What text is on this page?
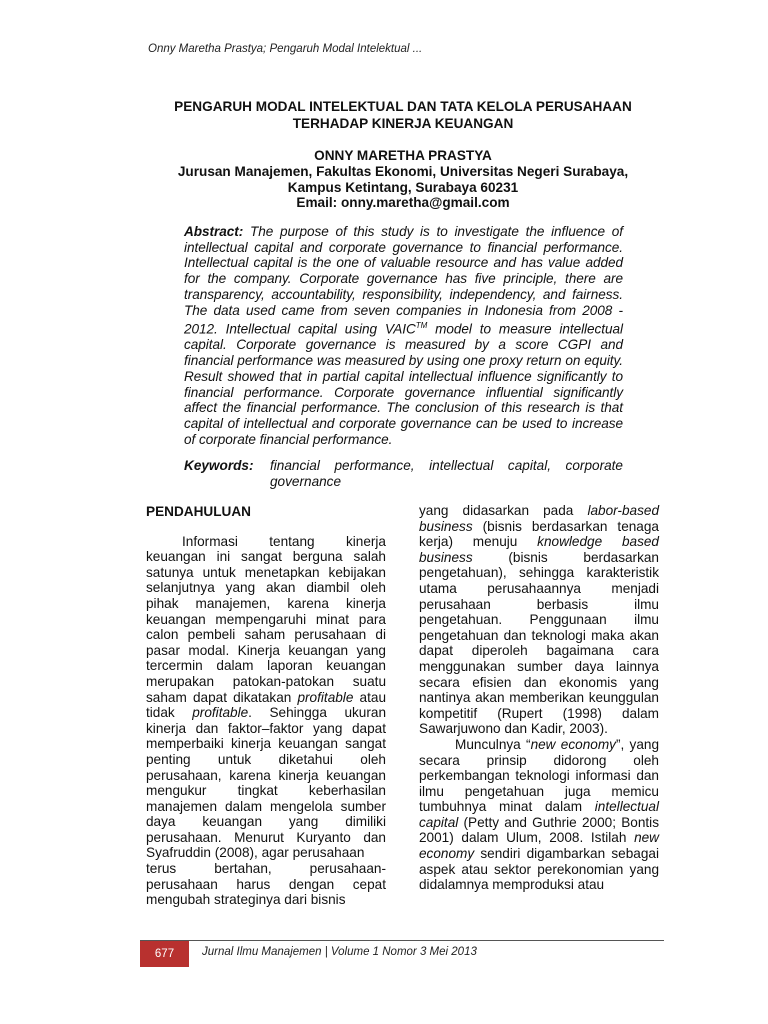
Onny Maretha Prastya; Pengaruh Modal Intelektual ...
PENGARUH MODAL INTELEKTUAL DAN TATA KELOLA PERUSAHAAN
TERHADAP KINERJA KEUANGAN
ONNY MARETHA PRASTYA
Jurusan Manajemen, Fakultas Ekonomi, Universitas Negeri Surabaya,
Kampus Ketintang, Surabaya 60231
Email: onny.maretha@gmail.com
Abstract: The purpose of this study is to investigate the influence of intellectual capital and corporate governance to financial performance. Intellectual capital is the one of valuable resource and has value added for the company. Corporate governance has five principle, there are transparency, accountability, responsibility, independency, and fairness. The data used came from seven companies in Indonesia from 2008 - 2012. Intellectual capital using VAIC™ model to measure intellectual capital. Corporate governance is measured by a score CGPI and financial performance was measured by using one proxy return on equity. Result showed that in partial capital intellectual influence significantly to financial performance. Corporate governance influential significantly affect the financial performance. The conclusion of this research is that capital of intellectual and corporate governance can be used to increase of corporate financial performance.
Keywords:	financial performance, intellectual capital, corporate governance
PENDAHULUAN

Informasi tentang kinerja keuangan ini sangat berguna salah satunya untuk menetapkan kebijakan selanjutnya yang akan diambil oleh pihak manajemen, karena kinerja keuangan mempengaruhi minat para calon pembeli saham perusahaan di pasar modal. Kinerja keuangan yang tercermin dalam laporan keuangan merupakan patokan-patokan suatu saham dapat dikatakan profitable atau tidak profitable. Sehingga ukuran kinerja dan faktor–faktor yang dapat memperbaiki kinerja keuangan sangat penting untuk diketahui oleh perusahaan, karena kinerja keuangan mengukur tingkat keberhasilan manajemen dalam mengelola sumber daya keuangan yang dimiliki perusahaan. Menurut Kuryanto dan Syafruddin (2008), agar perusahaan

terus bertahan, perusahaan-perusahaan harus dengan cepat mengubah strateginya dari bisnis

yang didasarkan pada labor-based business (bisnis berdasarkan tenaga kerja) menuju knowledge based business (bisnis berdasarkan pengetahuan), sehingga karakteristik utama perusahaannya menjadi perusahaan berbasis ilmu pengetahuan. Penggunaan ilmu pengetahuan dan teknologi maka akan dapat diperoleh bagaimana cara menggunakan sumber daya lainnya secara efisien dan ekonomis yang nantinya akan memberikan keunggulan kompetitif (Rupert (1998) dalam Sawarjuwono dan Kadir, 2003).

Munculnya “new economy”, yang secara prinsip didorong oleh perkembangan teknologi informasi dan ilmu pengetahuan juga memicu tumbuhnya minat dalam intellectual capital (Petty and Guthrie 2000; Bontis 2001) dalam Ulum, 2008. Istilah new economy sendiri digambarkan sebagai aspek atau sektor perekonomian yang didalamnya memproduksi atau

677 Jurnal Ilmu Manajemen | Volume 1 Nomor 3 Mei 2013
